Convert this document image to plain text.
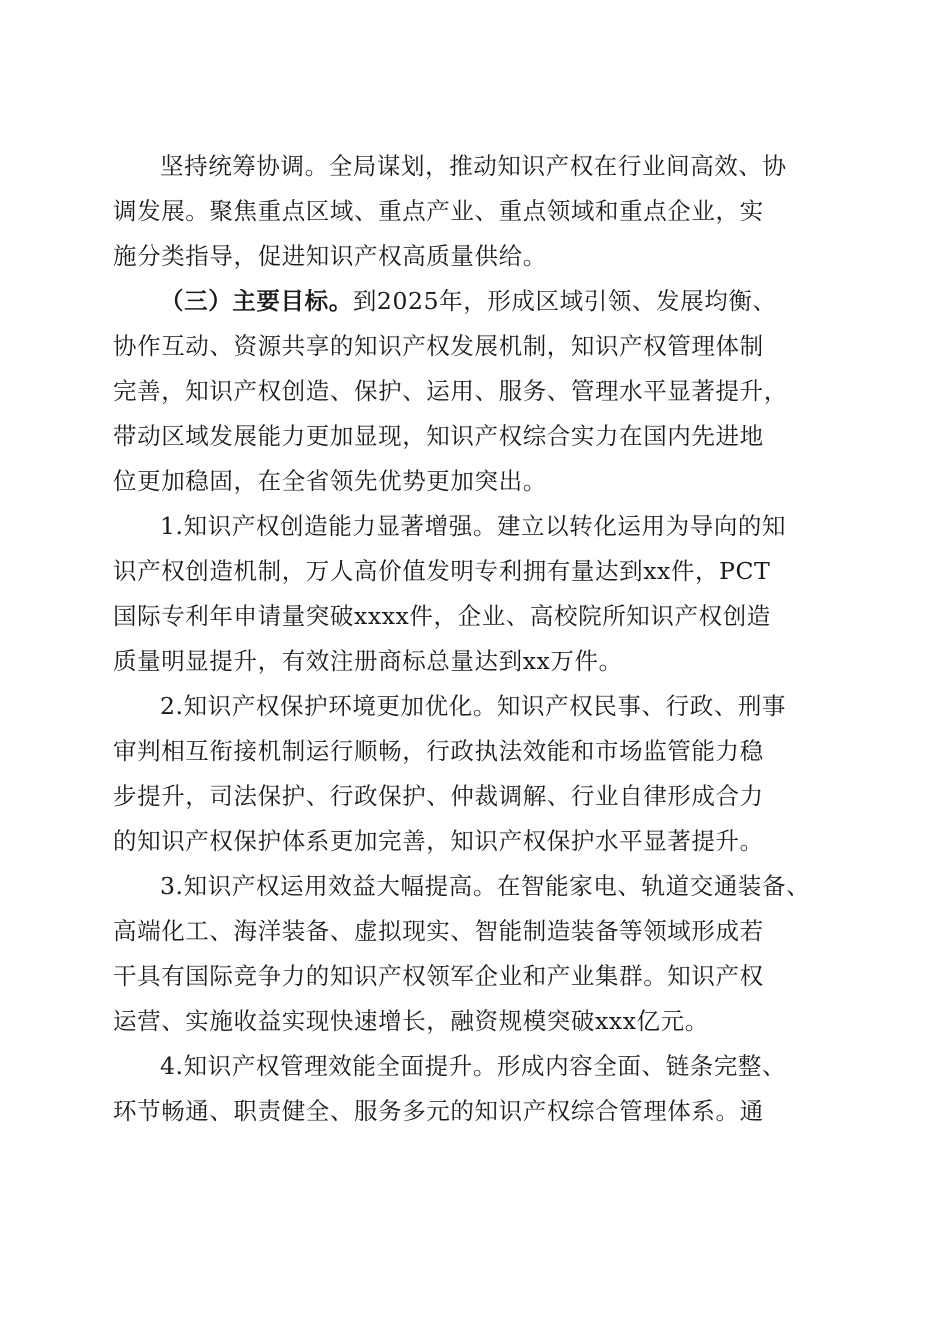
坚持统筹协调。全局谋划，推动知识产权在行业间高效、协
调发展。聚焦重点区域、重点产业、重点领域和重点企业，实
施分类指导，促进知识产权高质量供给。

（三）主要目标。到2025年，形成区域引领、发展均衡、
协作互动、资源共享的知识产权发展机制，知识产权管理体制
完善，知识产权创造、保护、运用、服务、管理水平显著提升，
带动区域发展能力更加显现，知识产权综合实力在国内先进地
位更加稳固，在全省领先优势更加突出。

1.知识产权创造能力显著增强。建立以转化运用为导向的知
识产权创造机制，万人高价值发明专利拥有量达到xx件，PCT
国际专利年申请量突破xxxx件，企业、高校院所知识产权创造
质量明显提升，有效注册商标总量达到xx万件。

2.知识产权保护环境更加优化。知识产权民事、行政、刑事
审判相互衔接机制运行顺畅，行政执法效能和市场监管能力稳
步提升，司法保护、行政保护、仲裁调解、行业自律形成合力
的知识产权保护体系更加完善，知识产权保护水平显著提升。

3.知识产权运用效益大幅提高。在智能家电、轨道交通装备、
高端化工、海洋装备、虚拟现实、智能制造装备等领域形成若
干具有国际竞争力的知识产权领军企业和产业集群。知识产权
运营、实施收益实现快速增长，融资规模突破xxx亿元。

4.知识产权管理效能全面提升。形成内容全面、链条完整、
环节畅通、职责健全、服务多元的知识产权综合管理体系。通
